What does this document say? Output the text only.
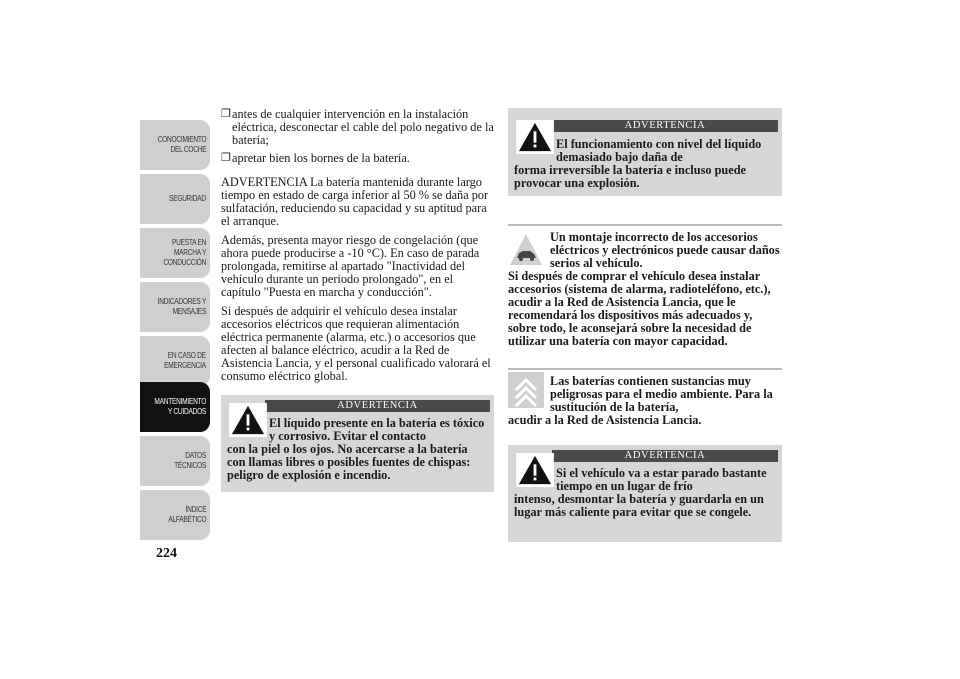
CONOCIMIENTO
DEL COCHE
SEGURIDAD
PUESTA EN
MARCHA Y
CONDUCCIÓN
INDICADORES Y
MENSAJES
EN CASO DE
EMERGENCIA
MANTENIMIENTO
Y CUIDADOS
DATOS TÉCNICOS
ÍNDICE
ALFABÉTICO
224
❒ antes de cualquier intervención en la instalación eléctrica, desconectar el cable del polo negativo de la batería;
❒ apretar bien los bornes de la batería.

ADVERTENCIA La batería mantenida durante largo tiempo en estado de carga inferior al 50 % se daña por sulfatación, reduciendo su capacidad y su aptitud para el arranque.

Además, presenta mayor riesgo de congelación (que ahora puede producirse a -10 °C). En caso de parada prolongada, remitirse al apartado "Inactividad del vehículo durante un periodo prolongado", en el capítulo "Puesta en marcha y conducción".

Si después de adquirir el vehículo desea instalar accesorios eléctricos que requieran alimentación eléctrica permanente (alarma, etc.) o accesorios que afecten al balance eléctrico, acudir a la Red de Asistencia Lancia, y el personal cualificado valorará el consumo eléctrico global.

ADVERTENCIA
El líquido presente en la batería es tóxico y corrosivo. Evitar el contacto
con la piel o los ojos. No acercarse a la batería con llamas libres o posibles fuentes de chispas: peligro de explosión e incendio.
ADVERTENCIA
El funcionamiento con nivel del líquido demasiado bajo daña de
forma irreversible la batería e incluso puede provocar una explosión.
Un montaje incorrecto de los accesorios eléctricos y electrónicos puede causar daños serios al vehículo.
Si después de comprar el vehículo desea instalar accesorios (sistema de alarma, radioteléfono, etc.), acudir a la Red de Asistencia Lancia, que le recomendará los dispositivos más adecuados y, sobre todo, le aconsejará sobre la necesidad de utilizar una batería con mayor capacidad.
Las baterías contienen sustancias muy peligrosas para el medio ambiente. Para la sustitución de la batería,
acudir a la Red de Asistencia Lancia.
ADVERTENCIA
Si el vehículo va a estar parado bastante tiempo en un lugar de frío
intenso, desmontar la batería y guardarla en un lugar más caliente para evitar que se congele.
